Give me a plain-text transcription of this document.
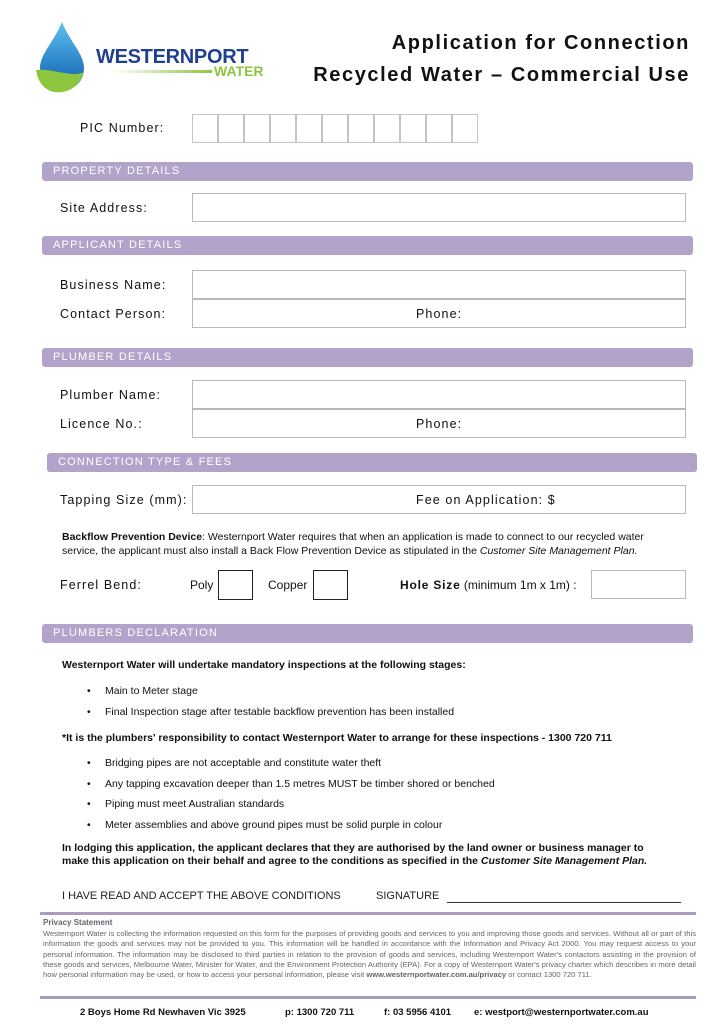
WESTERNPORT
WATER
Application for Connection
Recycled Water – Commercial Use
PIC Number:
PROPERTY DETAILS
Site Address:
APPLICANT DETAILS
Business Name:
Contact Person:	Phone:
PLUMBER DETAILS
Plumber Name:
Licence No.:	Phone:
CONNECTION TYPE & FEES
Tapping Size (mm):	Fee on Application: $
Backflow Prevention Device: Westernport Water requires that when an application is made to connect to our recycled water
service, the applicant must also install a Back Flow Prevention Device as stipulated in the Customer Site Management Plan.
Ferrel Bend:	Poly	Copper	Hole Size (minimum 1m x 1m) :
PLUMBERS DECLARATION
Westernport Water will undertake mandatory inspections at the following stages:
• Main to Meter stage
• Final Inspection stage after testable backflow prevention has been installed
*It is the plumbers' responsibility to contact Westernport Water to arrange for these inspections - 1300 720 711
• Bridging pipes are not acceptable and constitute water theft
• Any tapping excavation deeper than 1.5 metres MUST be timber shored or benched
• Piping must meet Australian standards
• Meter assemblies and above ground pipes must be solid purple in colour
In lodging this application, the applicant declares that they are authorised by the land owner or business manager to
make this application on their behalf and agree to the conditions as specified in the Customer Site Management Plan.
I HAVE READ AND ACCEPT THE ABOVE CONDITIONS	SIGNATURE
Privacy Statement
Westernport Water is collecting the information requested on this form for the purposes of providing goods and services to you and improving those goods and services. Without all or part of this information the goods and services may not be provided to you. This information will be handled in accordance with the Information and Privacy Act 2000. You may request access to your personal information. The information may be disclosed to third parties in relation to the provision of goods and services, including Westernport Water's contactors assisting in the provision of these goods and services, Melbourne Water, Minister for Water, and the Environment Protection Authority (EPA). For a copy of Westernport Water's privacy charter which describes in more detail how personal information may be used, or how to access your personal information, please visit www.westernportwater.com.au/privacy or contact 1300 720 711.
2 Boys Home Rd Newhaven Vic 3925	p: 1300 720 711	f: 03 5956 4101 e: westport@westernportwater.com.au
